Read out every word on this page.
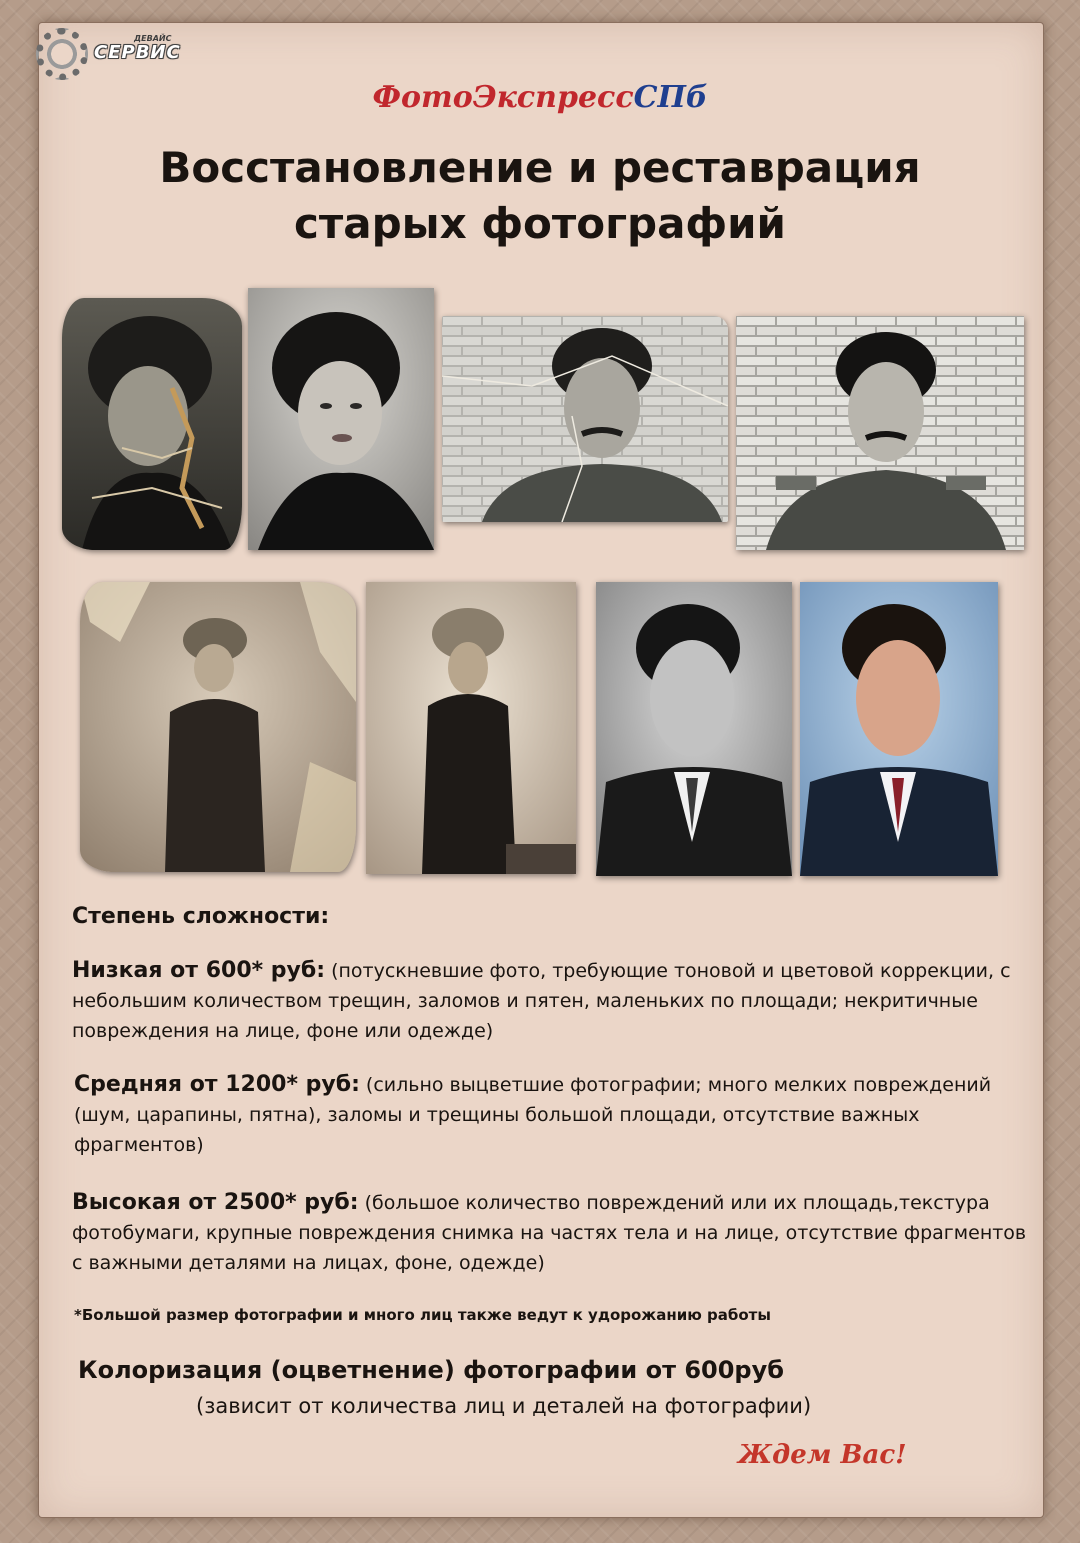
ДЕВАЙС
СЕРВИС
ФотоЭкспрессСПб
Восстановление и реставрация
старых фотографий
Степень сложности:
Низкая от 600* руб: (потускневшие фото, требующие тоновой и цветовой коррекции, с небольшим количеством трещин, заломов и пятен, маленьких по площади; некритичные повреждения на лице, фоне или одежде)
Средняя от 1200* руб: (сильно выцветшие фотографии; много мелких повреждений (шум, царапины, пятна), заломы и трещины большой площади, отсутствие важных фрагментов)
Высокая от 2500* руб: (большое количество повреждений или их площадь,текстура фотобумаги, крупные повреждения снимка на частях тела и на лице, отсутствие фрагментов с важными деталями на лицах, фоне, одежде)
*Большой размер фотографии и много лиц также ведут к удорожанию работы
Колоризация (оцветнение) фотографии от 600руб
(зависит от количества лиц и деталей на фотографии)
Ждем Вас!
